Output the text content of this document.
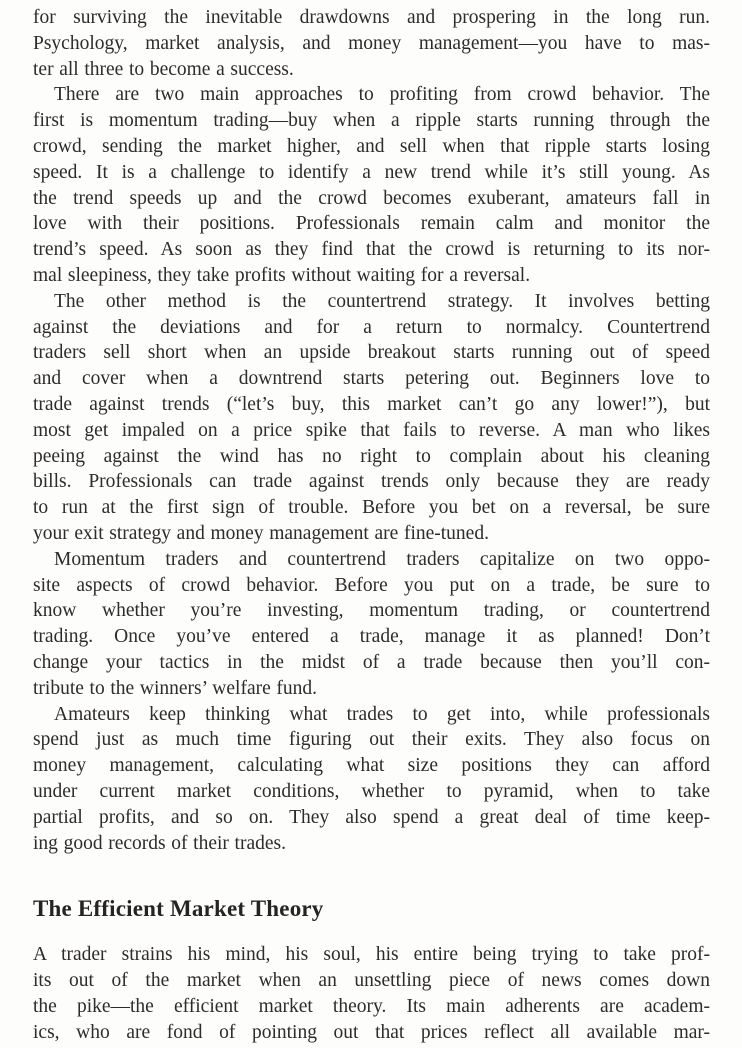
for surviving the inevitable drawdowns and prospering in the long run.
Psychology, market analysis, and money management—you have to mas-
ter all three to become a success.
There are two main approaches to profiting from crowd behavior. The
first is momentum trading—buy when a ripple starts running through the
crowd, sending the market higher, and sell when that ripple starts losing
speed. It is a challenge to identify a new trend while it’s still young. As
the trend speeds up and the crowd becomes exuberant, amateurs fall in
love with their positions. Professionals remain calm and monitor the
trend’s speed. As soon as they find that the crowd is returning to its nor-
mal sleepiness, they take profits without waiting for a reversal.
The other method is the countertrend strategy. It involves betting
against the deviations and for a return to normalcy. Countertrend
traders sell short when an upside breakout starts running out of speed
and cover when a downtrend starts petering out. Beginners love to
trade against trends (“let’s buy, this market can’t go any lower!”), but
most get impaled on a price spike that fails to reverse. A man who likes
peeing against the wind has no right to complain about his cleaning
bills. Professionals can trade against trends only because they are ready
to run at the first sign of trouble. Before you bet on a reversal, be sure
your exit strategy and money management are fine-tuned.
Momentum traders and countertrend traders capitalize on two oppo-
site aspects of crowd behavior. Before you put on a trade, be sure to
know whether you’re investing, momentum trading, or countertrend
trading. Once you’ve entered a trade, manage it as planned! Don’t
change your tactics in the midst of a trade because then you’ll con-
tribute to the winners’ welfare fund.
Amateurs keep thinking what trades to get into, while professionals
spend just as much time figuring out their exits. They also focus on
money management, calculating what size positions they can afford
under current market conditions, whether to pyramid, when to take
partial profits, and so on. They also spend a great deal of time keep-
ing good records of their trades.
The Efficient Market Theory
A trader strains his mind, his soul, his entire being trying to take prof-
its out of the market when an unsettling piece of news comes down
the pike—the efficient market theory. Its main adherents are academ-
ics, who are fond of pointing out that prices reflect all available mar-
